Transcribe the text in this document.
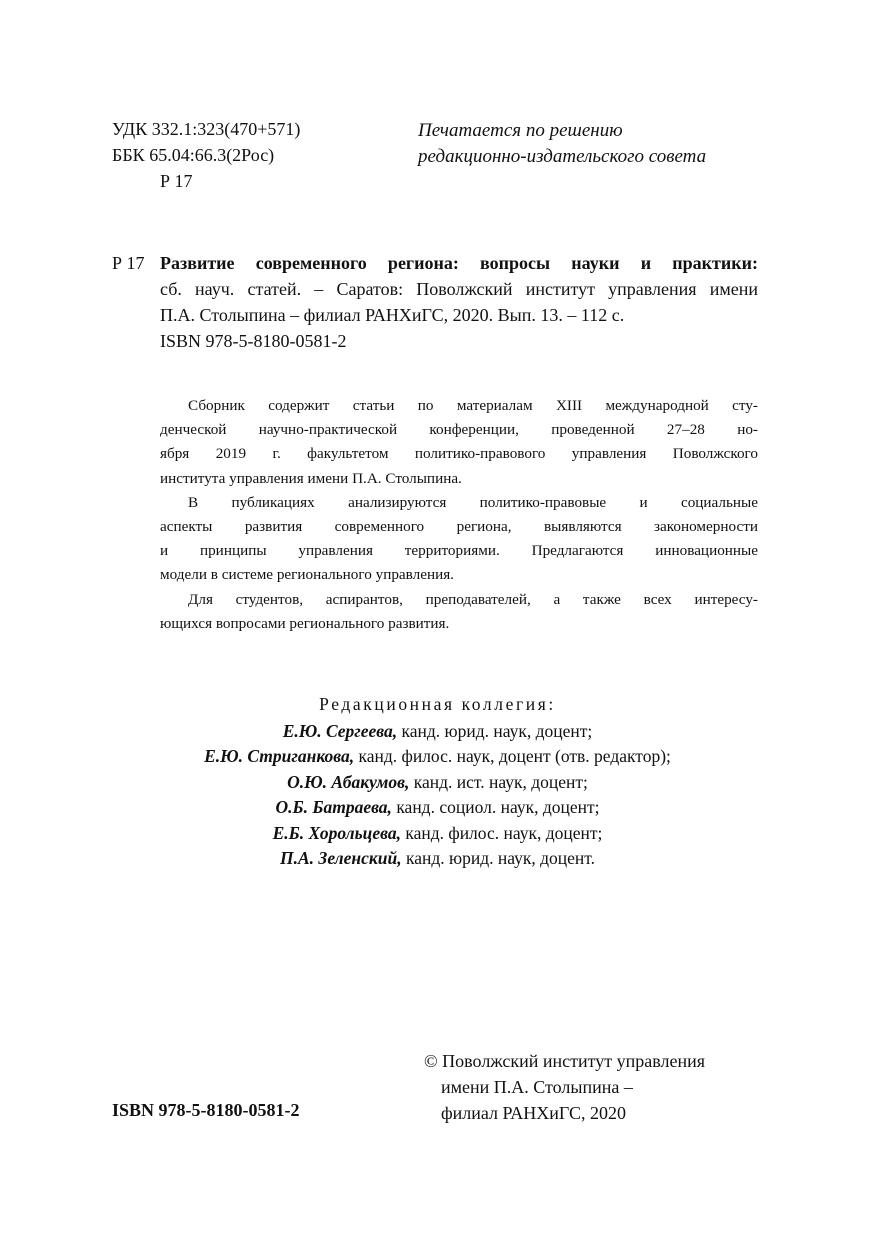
УДК 332.1:323(470+571)
ББК 65.04:66.3(2Рос)
Р 17
Печатается по решению
редакционно-издательского совета
Р 17 Развитие современного региона: вопросы науки и практики:
сб. науч. статей. – Саратов: Поволжский институт управления имени
П.А. Столыпина – филиал РАНХиГС, 2020. Вып. 13. – 112 с.
ISBN 978-5-8180-0581-2
Сборник содержит статьи по материалам XIII международной сту-
денческой научно-практической конференции, проведенной 27–28 но-
ября 2019 г. факультетом политико-правового управления Поволжского
института управления имени П.А. Столыпина.
В публикациях анализируются политико-правовые и социальные
аспекты развития современного региона, выявляются закономерности
и принципы управления территориями. Предлагаются инновационные
модели в системе регионального управления.
Для студентов, аспирантов, преподавателей, а также всех интересу-
ющихся вопросами регионального развития.
Редакционная коллегия:
Е.Ю. Сергеева, канд. юрид. наук, доцент;
Е.Ю. Стриганкова, канд. филос. наук, доцент (отв. редактор);
О.Ю. Абакумов, канд. ист. наук, доцент;
О.Б. Батраева, канд. социол. наук, доцент;
Е.Б. Хорольцева, канд. филос. наук, доцент;
П.А. Зеленский, канд. юрид. наук, доцент.
© Поволжский институт управления
имени П.А. Столыпина –
филиал РАНХиГС, 2020
ISBN 978-5-8180-0581-2
